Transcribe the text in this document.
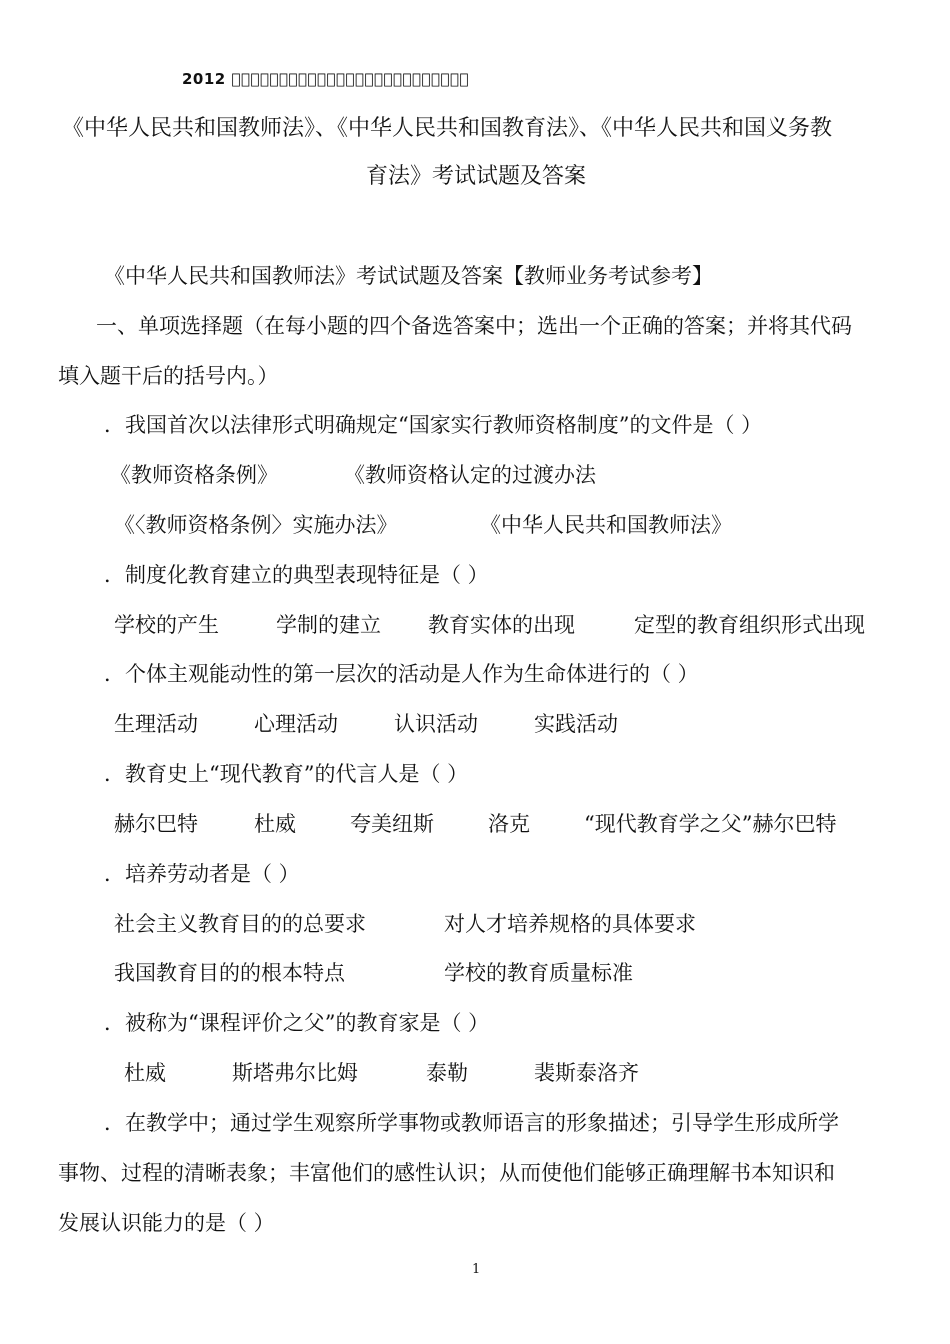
2012 ￿￿￿￿￿￿￿￿￿￿￿￿￿￿￿￿￿￿￿￿￿￿￿￿￿
《中华人民共和国教师法》、《中华人民共和国教育法》、《中华人民共和国义务教
育法》考试试题及答案
《中华人民共和国教师法》考试试题及答案【教师业务考试参考】
一、单项选择题（在每小题的四个备选答案中；选出一个正确的答案；并将其代码
填入题干后的括号内。）
．我国首次以法律形式明确规定“国家实行教师资格制度”的文件是（ ）
《教师资格条例》	《教师资格认定的过渡办法
《〈教师资格条例〉实施办法》	《中华人民共和国教师法》
．制度化教育建立的典型表现特征是（ ）
学校的产生	学制的建立 教育实体的出现	定型的教育组织形式出现
．个体主观能动性的第一层次的活动是人作为生命体进行的（ ）
生理活动	心理活动	认识活动	实践活动
．教育史上“现代教育”的代言人是（ ）
赫尔巴特	杜威	夸美纽斯	洛克	“现代教育学之父”赫尔巴特
．培养劳动者是（ ）
社会主义教育目的的总要求	对人才培养规格的具体要求
我国教育目的的根本特点	学校的教育质量标准
．被称为“课程评价之父”的教育家是（ ）
杜威	斯塔弗尔比姆	泰勒	裴斯泰洛齐
．在教学中；通过学生观察所学事物或教师语言的形象描述；引导学生形成所学
事物、过程的清晰表象；丰富他们的感性认识；从而使他们能够正确理解书本知识和
发展认识能力的是（ ）
1
